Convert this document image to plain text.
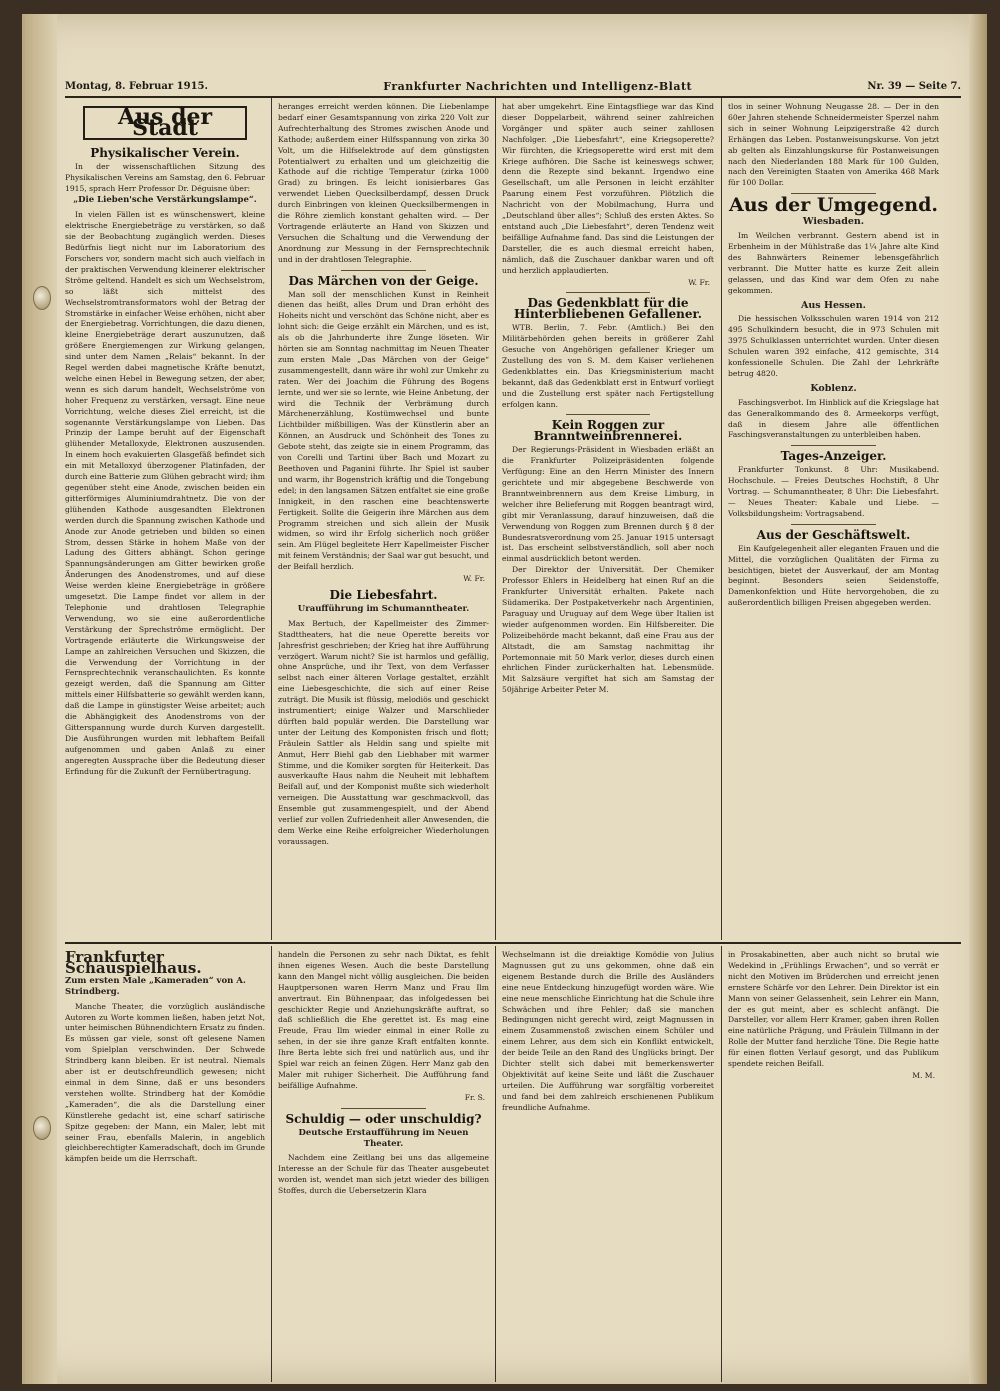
Montag, 8. Februar 1915.	Frankfurter Nachrichten und Intelligenz-Blatt	Nr. 39 — Seite 7.
Aus der Stadt
Physikalischer Verein.

In der wissenschaftlichen Sitzung des Physikalischen Vereins am Samstag, den 6. Februar 1915, sprach Herr Professor Dr. Déguisne über:

„Die Lieben'sche Verstärkungslampe“.

In vielen Fällen ist es wünschenswert, kleine elektrische Energiebeträge zu verstärken, so daß sie der Beobachtung zugänglich werden. Dieses Bedürfnis liegt nicht nur im Laboratorium des Forschers vor, sondern macht sich auch vielfach in der praktischen Verwendung kleinerer elektrischer Ströme geltend. Handelt es sich um Wechselstrom, so läßt sich mittelst des Wechselstromtransformators wohl der Betrag der Stromstärke in einfacher Weise erhöhen, nicht aber der Energiebetrag. Vorrichtungen, die dazu dienen, kleine Energiebeträge derart auszunutzen, daß größere Energiemengen zur Wirkung gelangen, sind unter dem Namen „Relais“ bekannt. In der Regel werden dabei magnetische Kräfte benutzt, welche einen Hebel in Bewegung setzen, der aber, wenn es sich darum handelt, Wechselströme von hoher Frequenz zu verstärken, versagt. Eine neue Vorrichtung, welche dieses Ziel erreicht, ist die sogenannte Verstärkungslampe von Lieben. Das Prinzip der Lampe beruht auf der Eigenschaft glühender Metalloxyde, Elektronen auszusenden. In einem hoch evakuierten Glasgefäß befindet sich ein mit Metalloxyd überzogener Platinfaden, der durch eine Batterie zum Glühen gebracht wird; ihm gegenüber steht eine Anode, zwischen beiden ein gitterförmiges Aluminiumdrahtnetz. Die von der glühenden Kathode ausgesandten Elektronen werden durch die Spannung zwischen Kathode und Anode zur Anode getrieben und bilden so einen Strom, dessen Stärke in hohem Maße von der Ladung des Gitters abhängt. Schon geringe Spannungsänderungen am Gitter bewirken große Änderungen des Anodenstromes, und auf diese Weise werden kleine Energiebeträge in größere umgesetzt. Die Lampe findet vor allem in der Telephonie und drahtlosen Telegraphie Verwendung, wo sie eine außerordentliche Verstärkung der Sprechströme ermöglicht. Der Vortragende erläuterte die Wirkungsweise der Lampe an zahlreichen Versuchen und Skizzen, die die Verwendung der Vorrichtung in der Fernsprechtechnik veranschaulichten. Es konnte gezeigt werden, daß die Spannung am Gitter mittels einer Hilfsbatterie so gewählt werden kann, daß die Lampe in günstigster Weise arbeitet; auch die Abhängigkeit des Anodenstroms von der Gitterspannung wurde durch Kurven dargestellt. Die Ausführungen wurden mit lebhaftem Beifall aufgenommen und gaben Anlaß zu einer angeregten Aussprache über die Bedeutung dieser Erfindung für die Zukunft der Fernübertragung.

heranges erreicht werden können. Die Liebenlampe bedarf einer Gesamtspannung von zirka 220 Volt zur Aufrechterhaltung des Stromes zwischen Anode und Kathode; außerdem einer Hilfsspannung von zirka 30 Volt, um die Hilfselektrode auf dem günstigsten Potentialwert zu erhalten und um gleichzeitig die Kathode auf die richtige Temperatur (zirka 1000 Grad) zu bringen. Es leicht ionisierbares Gas verwendet Lieben Quecksilberdampf, dessen Druck durch Einbringen von kleinen Quecksilbermengen in die Röhre ziemlich konstant gehalten wird. — Der Vortragende erläuterte an Hand von Skizzen und Versuchen die Schaltung und die Verwendung der Anordnung zur Messung in der Fernsprechtechnik und in der drahtlosen Telegraphie.

Das Märchen von der Geige.

Man soll der menschlichen Kunst in Reinheit dienen das heißt, alles Drum und Dran erhöht des Hoheits nicht und verschönt das Schöne nicht, aber es lohnt sich: die Geige erzählt ein Märchen, und es ist, als ob die Jahrhunderte ihre Zunge löseten. Wir hörten sie am Sonntag nachmittag im Neuen Theater zum ersten Male „Das Märchen von der Geige“ zusammengestellt, dann wäre ihr wohl zur Umkehr zu raten. Wer dei Joachim die Führung des Bogens lernte, und wer sie so lernte, wie Heine Anbetung, der wird die Technik der Verbrämung durch Märchenerzählung, Kostümwechsel und bunte Lichtbilder mißbilligen. Was der Künstlerin aber an Können, an Ausdruck und Schönheit des Tones zu Gebote steht, das zeigte sie in einem Programm, das von Corelli und Tartini über Bach und Mozart zu Beethoven und Paganini führte. Ihr Spiel ist sauber und warm, ihr Bogenstrich kräftig und die Tongebung edel; in den langsamen Sätzen entfaltet sie eine große Innigkeit, in den raschen eine beachtenswerte Fertigkeit. Sollte die Geigerin ihre Märchen aus dem Programm streichen und sich allein der Musik widmen, so wird ihr Erfolg sicherlich noch größer sein. Am Flügel begleitete Herr Kapellmeister Fischer mit feinem Verständnis; der Saal war gut besucht, und der Beifall herzlich.

W. Fr.
Die Liebesfahrt.
Uraufführung im Schumanntheater.

Max Bertuch, der Kapellmeister des Zimmer-Stadttheaters, hat die neue Operette bereits vor Jahresfrist geschrieben; der Krieg hat ihre Aufführung verzögert. Warum nicht? Sie ist harmlos und gefällig, ohne Ansprüche, und ihr Text, von dem Verfasser selbst nach einer älteren Vorlage gestaltet, erzählt eine Liebesgeschichte, die sich auf einer Reise zuträgt. Die Musik ist flüssig, melodiös und geschickt instrumentiert; einige Walzer und Marschlieder dürften bald populär werden. Die Darstellung war unter der Leitung des Komponisten frisch und flott; Fräulein Sattler als Heldin sang und spielte mit Anmut, Herr Biehl gab den Liebhaber mit warmer Stimme, und die Komiker sorgten für Heiterkeit. Das ausverkaufte Haus nahm die Neuheit mit lebhaftem Beifall auf, und der Komponist mußte sich wiederholt verneigen. Die Ausstattung war geschmackvoll, das Ensemble gut zusammengespielt, und der Abend verlief zur vollen Zufriedenheit aller Anwesenden, die dem Werke eine Reihe erfolgreicher Wiederholungen voraussagen.

hat aber umgekehrt. Eine Eintagsfliege war das Kind dieser Doppelarbeit, während seiner zahlreichen Vorgänger und später auch seiner zahllosen Nachfolger. „Die Liebesfahrt“, eine Kriegsoperette? Wir fürchten, die Kriegsoperette wird erst mit dem Kriege aufhören. Die Sache ist keineswegs schwer, denn die Rezepte sind bekannt. Irgendwo eine Gesellschaft, um alle Personen in leicht erzählter Paarung einem Fest vorzuführen. Plötzlich die Nachricht von der Mobilmachung, Hurra und „Deutschland über alles“; Schluß des ersten Aktes. So entstand auch „Die Liebesfahrt“, deren Tendenz weit beifällige Aufnahme fand. Das sind die Leistungen der Darsteller, die es auch diesmal erreicht haben, nämlich, daß die Zuschauer dankbar waren und oft und herzlich applaudierten.

W. Fr.
Das Gedenkblatt für die Hinterbliebenen Gefallener.

WTB. Berlin, 7. Febr. (Amtlich.) Bei den Militärbehörden gehen bereits in größerer Zahl Gesuche von Angehörigen gefallener Krieger um Zustellung des von S. M. dem Kaiser verliehenen Gedenkblattes ein. Das Kriegsministerium macht bekannt, daß das Gedenkblatt erst in Entwurf vorliegt und die Zustellung erst später nach Fertigstellung erfolgen kann.

Kein Roggen zur Branntweinbrennerei.

Der Regierungs-Präsident in Wiesbaden erläßt an die Frankfurter Polizeipräsidenten folgende Verfügung: Eine an den Herrn Minister des Innern gerichtete und mir abgegebene Beschwerde von Branntweinbrennern aus dem Kreise Limburg, in welcher ihre Belieferung mit Roggen beantragt wird, gibt mir Veranlassung, darauf hinzuweisen, daß die Verwendung von Roggen zum Brennen durch § 8 der Bundesratsverordnung vom 25. Januar 1915 untersagt ist. Das erscheint selbstverständlich, soll aber noch einmal ausdrücklich betont werden.

Der Direktor der Universität. Der Chemiker Professor Ehlers in Heidelberg hat einen Ruf an die Frankfurter Universität erhalten. Pakete nach Südamerika. Der Postpaketverkehr nach Argentinien, Paraguay und Uruguay auf dem Wege über Italien ist wieder aufgenommen worden. Ein Hilfsbereiter. Die Polizeibehörde macht bekannt, daß eine Frau aus der Altstadt, die am Samstag nachmittag ihr Portemonnaie mit 50 Mark verlor, dieses durch einen ehrlichen Finder zurückerhalten hat. Lebensmüde. Mit Salzsäure vergiftet hat sich am Samstag der 50jährige Arbeiter Peter M.

tlos in seiner Wohnung Neugasse 28. — Der in den 60er Jahren stehende Schneidermeister Sperzel nahm sich in seiner Wohnung Leipzigerstraße 42 durch Erhängen das Leben. Postanweisungskurse. Von jetzt ab gelten als Einzahlungskurse für Postanweisungen nach den Niederlanden 188 Mark für 100 Gulden, nach den Vereinigten Staaten von Amerika 468 Mark für 100 Dollar.

Aus der Umgegend.
Wiesbaden.

Im Weilchen verbrannt. Gestern abend ist in Erbenheim in der Mühlstraße das 1¼ Jahre alte Kind des Bahnwärters Reinemer lebensgefährlich verbrannt. Die Mutter hatte es kurze Zeit allein gelassen, und das Kind war dem Ofen zu nahe gekommen.

Aus Hessen.

Die hessischen Volksschulen waren 1914 von 212 495 Schulkindern besucht, die in 973 Schulen mit 3975 Schulklassen unterrichtet wurden. Unter diesen Schulen waren 392 einfache, 412 gemischte, 314 konfessionelle Schulen. Die Zahl der Lehrkräfte betrug 4820.

Koblenz.

Faschingsverbot. Im Hinblick auf die Kriegslage hat das Generalkommando des 8. Armeekorps verfügt, daß in diesem Jahre alle öffentlichen Faschingsveranstaltungen zu unterbleiben haben.

Tages-Anzeiger.

Frankfurter Tonkunst. 8 Uhr: Musikabend. Hochschule. — Freies Deutsches Hochstift, 8 Uhr Vortrag. — Schumanntheater, 8 Uhr: Die Liebesfahrt. — Neues Theater: Kabale und Liebe. — Volksbildungsheim: Vortragsabend.

Aus der Geschäftswelt.

Ein Kaufgelegenheit aller eleganten Frauen und die Mittel, die vorzüglichen Qualitäten der Firma zu besichtigen, bietet der Ausverkauf, der am Montag beginnt. Besonders seien Seidenstoffe, Damenkonfektion und Hüte hervorgehoben, die zu außerordentlich billigen Preisen abgegeben werden.

Frankfurter Schauspielhaus.
Zum ersten Male „Kameraden“ von A. Strindberg.

Manche Theater, die vorzüglich ausländische Autoren zu Worte kommen ließen, haben jetzt Not, unter heimischen Bühnendichtern Ersatz zu finden. Es müssen gar viele, sonst oft gelesene Namen vom Spielplan verschwinden. Der Schwede Strindberg kann bleiben. Er ist neutral. Niemals aber ist er deutschfreundlich gewesen; nicht einmal in dem Sinne, daß er uns besonders verstehen wollte. Strindberg hat der Komödie „Kameraden“, die als die Darstellung einer Künstlerehe gedacht ist, eine scharf satirische Spitze gegeben: der Mann, ein Maler, lebt mit seiner Frau, ebenfalls Malerin, in angeblich gleichberechtigter Kameradschaft, doch im Grunde kämpfen beide um die Herrschaft.

handeln die Personen zu sehr nach Diktat, es fehlt ihnen eigenes Wesen. Auch die beste Darstellung kann den Mangel nicht völlig ausgleichen. Die beiden Hauptpersonen waren Herrn Manz und Frau Ilm anvertraut. Ein Bühnenpaar, das infolgedessen bei geschickter Regie und Anziehungskräfte auftrat, so daß schließlich die Ehe gerettet ist. Es mag eine Freude, Frau Ilm wieder einmal in einer Rolle zu sehen, in der sie ihre ganze Kraft entfalten konnte. Ihre Berta lebte sich frei und natürlich aus, und ihr Spiel war reich an feinen Zügen. Herr Manz gab den Maler mit ruhiger Sicherheit. Die Aufführung fand beifällige Aufnahme.

Fr. S.
Schuldig — oder unschuldig?
Deutsche Erstaufführung im Neuen Theater.

Nachdem eine Zeitlang bei uns das allgemeine Interesse an der Schule für das Theater ausgebeutet worden ist, wendet man sich jetzt wieder des billigen Stoffes, durch die Uebersetzerin Klara

Wechselmann ist die dreiaktige Komödie von Julius Magnussen gut zu uns gekommen, ohne daß ein eigenem Bestande durch die Brille des Ausländers eine neue Entdeckung hinzugefügt worden wäre. Wie eine neue menschliche Einrichtung hat die Schule ihre Schwächen und ihre Fehler; daß sie manchen Bedingungen nicht gerecht wird, zeigt Magnussen in einem Zusammenstoß zwischen einem Schüler und einem Lehrer, aus dem sich ein Konflikt entwickelt, der beide Teile an den Rand des Unglücks bringt. Der Dichter stellt sich dabei mit bemerkenswerter Objektivität auf keine Seite und läßt die Zuschauer urteilen. Die Aufführung war sorgfältig vorbereitet und fand bei dem zahlreich erschienenen Publikum freundliche Aufnahme.

in Prosakabinetten, aber auch nicht so brutal wie Wedekind in „Frühlings Erwachen“, und so verrät er nicht den Motiven im Brüderchen und erreicht jenen ernstere Schärfe vor den Lehrer. Dein Direktor ist ein Mann von seiner Gelassenheit, sein Lehrer ein Mann, der es gut meint, aber es schlecht anfängt. Die Darsteller, vor allem Herr Kramer, gaben ihren Rollen eine natürliche Prägung, und Fräulein Tillmann in der Rolle der Mutter fand herzliche Töne. Die Regie hatte für einen flotten Verlauf gesorgt, und das Publikum spendete reichen Beifall.

M. M.
